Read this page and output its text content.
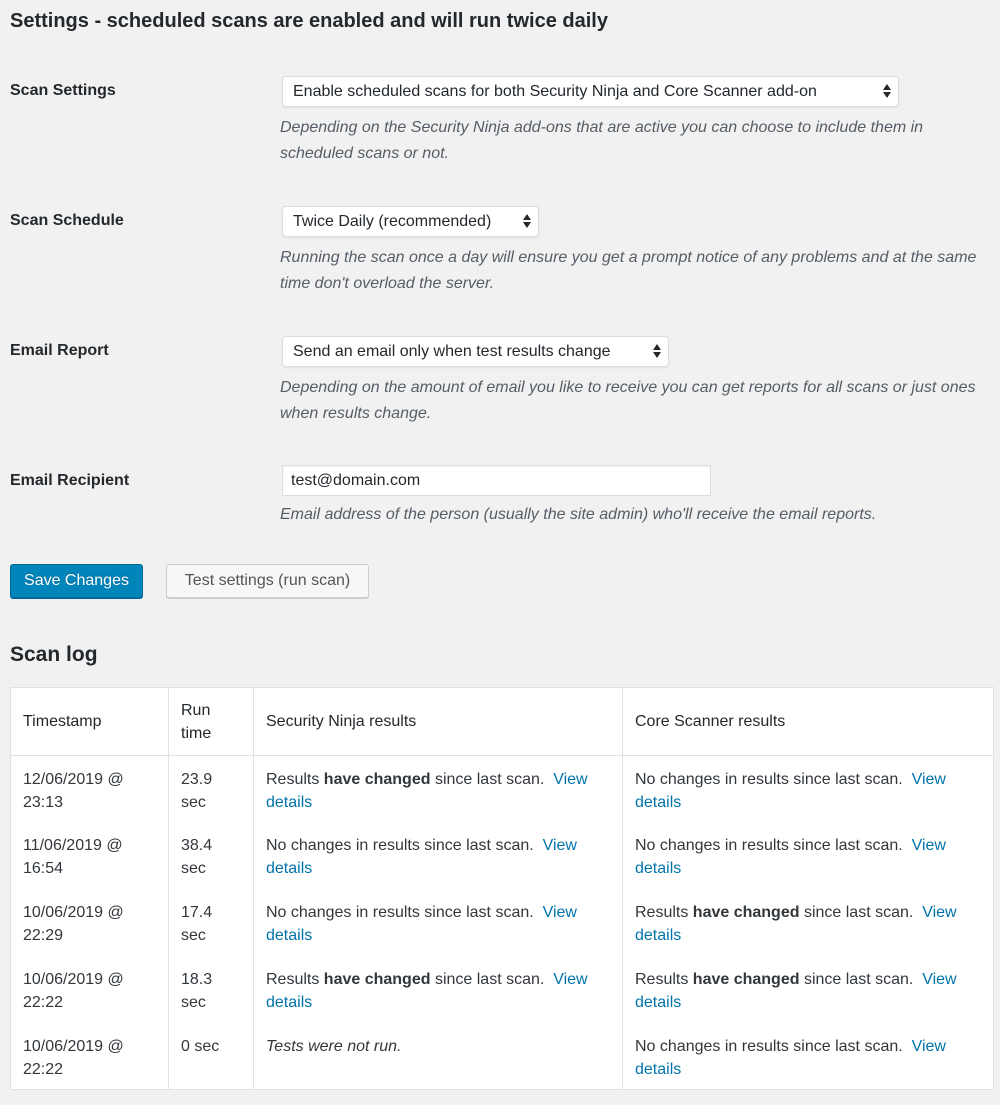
Settings - scheduled scans are enabled and will run twice daily
Scan Settings	Enable scheduled scans for both Security Ninja and Core Scanner add-on

Depending on the Security Ninja add-ons that are active you can choose to include them in scheduled scans or not.

Scan Schedule	Twice Daily (recommended)

Running the scan once a day will ensure you get a prompt notice of any problems and at the same time don't overload the server.

Email Report	Send an email only when test results change

Depending on the amount of email you like to receive you can get reports for all scans or just ones when results change.

Email Recipient
test@domain.com

Email address of the person (usually the site admin) who'll receive the email reports.

Save Changes	Test settings (run scan)
Scan log
Timestamp	Run time	Security Ninja results	Core Scanner results
12/06/2019 @ 23:13	23.9 sec	Results have changed since last scan. View details	No changes in results since last scan. View details
11/06/2019 @ 16:54	38.4 sec	No changes in results since last scan. View details	No changes in results since last scan. View details
10/06/2019 @ 22:29	17.4 sec	No changes in results since last scan. View details	Results have changed since last scan. View details
10/06/2019 @ 22:22	18.3 sec	Results have changed since last scan. View details	Results have changed since last scan. View details
10/06/2019 @ 22:22	0 sec	Tests were not run.	No changes in results since last scan. View details
